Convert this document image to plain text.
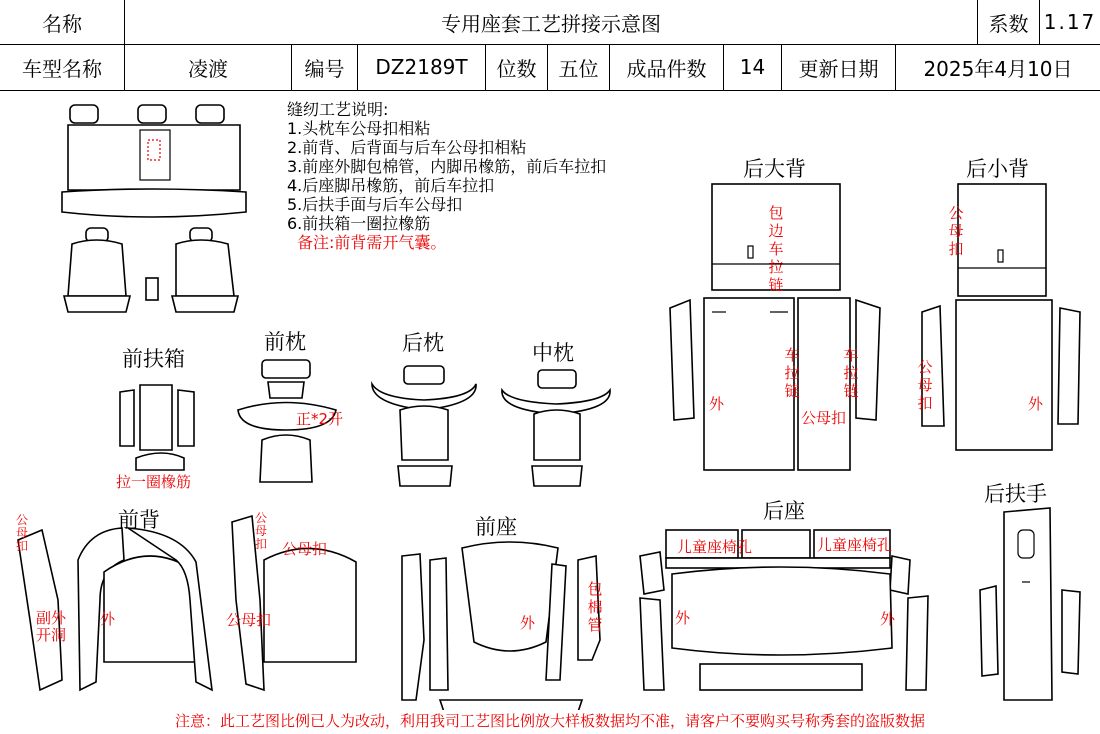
名称	专用座套工艺拼接示意图	系数 1.17
车型名称	凌渡	编号	DZ2189T	位数	五位	成品件数	14	更新日期	2025年4月10日
缝纫工艺说明:
1.头枕车公母扣相粘
2.前背、后背面与后车公母扣相粘
3.前座外脚包棉管，内脚吊橡筋，前后车拉扣
4.后座脚吊橡筋，前后车拉扣
5.后扶手面与后车公母扣
6.前扶箱一圈拉橡筋
备注:前背需开气囊。
前扶箱
前枕	后枕	中枕
后大背	后小背
前背	前座
后座
后扶手
拉一圈橡筋
正*2开
包边车拉链
车拉链
车拉链
外
公母扣
公母扣
公母扣	外
公母扣
公母扣 公母扣
副外开洞
外	公母扣	外
包棉管
儿童座椅孔	儿童座椅孔
外	外
注意：此工艺图比例已人为改动，利用我司工艺图比例放大样板数据均不准，请客户不要购买号称秀套的盗版数据
